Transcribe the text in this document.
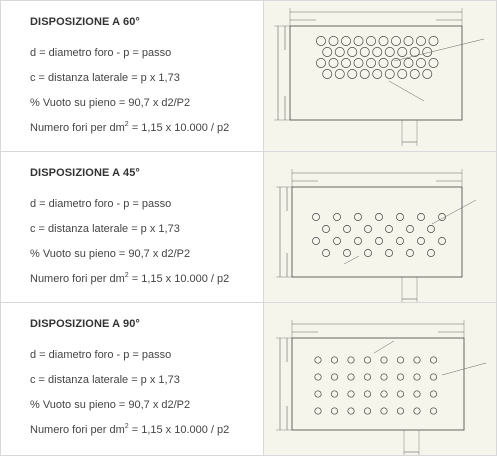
DISPOSIZIONE A 60°
d = diametro foro - p = passo
c = distanza laterale = p x 1,73
% Vuoto su pieno = 90,7 x d2/P2
Numero fori per $dm^2 = 1,15$ x 10.000 / p2
DISPOSIZIONE A 45°
d = diametro foro - p = passo
c = distanza laterale = p x 1,73
% Vuoto su pieno = 90,7 x d2/P2
Numero fori per $dm^2 = 1,15$ x 10.000 / p2
DISPOSIZIONE A 90°
d = diametro foro - p = passo
c = distanza laterale = p x 1,73
% Vuoto su pieno = 90,7 x d2/P2
Numero fori per $dm^2 = 1,15$ x 10.000 / p2
